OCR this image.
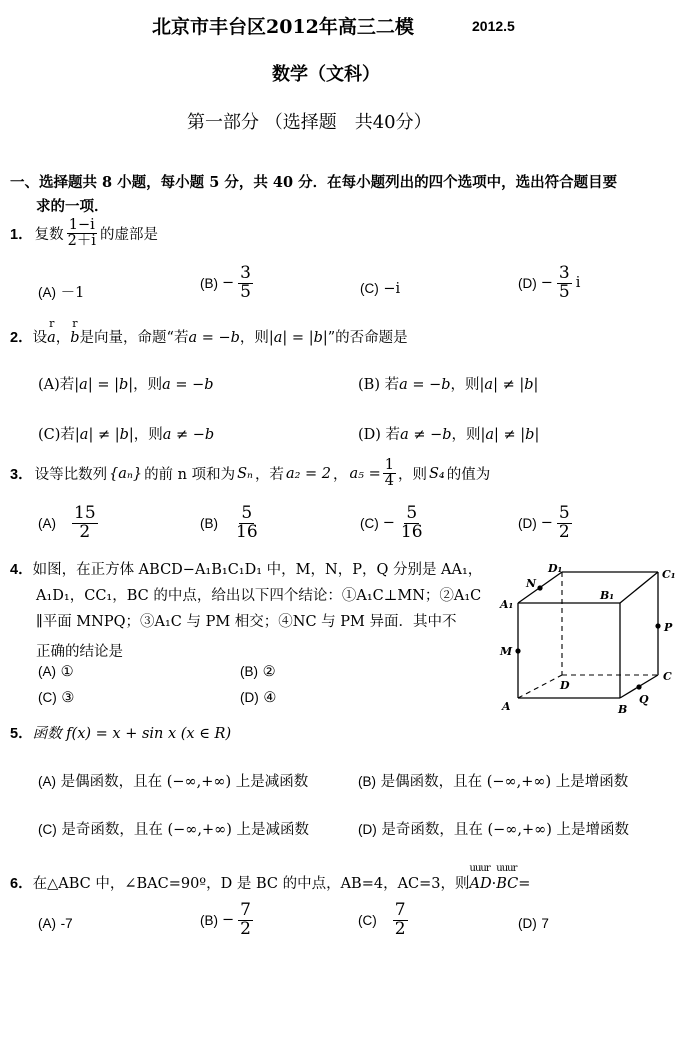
北京市丰台区2012年高三二模	2012.5
数学（文科）
第一部分 （选择题　共40分）
一、选择题共 8 小题，每小题 5 分，共 40 分．在每小题列出的四个选项中，选出符合题目要
求的一项．
1． 复数 $\frac{1-i}{2+i}$ 的虚部是
(A) －1
$(B) - \frac{3}{5}$	(C) −i	$(D) - \frac{3}{5}$ i
2．设r a，r b是向量，命题“若a = −b，则|a| = |b|”的否命题是
(A)若|a| = |b|，则a = −b	(B) 若a = −b，则|a| ≠ |b|
(C)若|a| ≠ |b|，则a ≠ −b	(D) 若a ≠ −b，则|a| ≠ |b|
3． 设等比数列 {aₙ} 的前 n 项和为 Sₙ ，若 a₂ = 2 ， $a_5 = \frac{1}{4}$ ，则 S₄ 的值为
$(A) \frac{15}{2}$	$(B) \frac{5}{16}$	$(C) - \frac{5}{16}$	$(D) - \frac{5}{2}$
4．如图，在正方体 ABCD−A₁B₁C₁D₁ 中，M，N，P，Q 分别是 AA₁，
A₁D₁，CC₁，BC 的中点，给出以下四个结论：①A₁C⊥MN；②A₁C
∥平面 MNPQ；③A₁C 与 PM 相交；④NC 与 PM 异面．其中不
正确的结论是
(A) ①	(B) ②
(C) ③	(D) ④
A	B
C
D
A₁
B₁
C₁
D₁
M
N
P
Q
5．函数 f(x) = x + sin x (x ∈ R)
(A) 是偶函数，且在 (−∞,+∞) 上是减函数	(B) 是偶函数，且在 (−∞,+∞) 上是增函数
(C) 是奇函数，且在 (−∞,+∞) 上是减函数	(D) 是奇函数，且在 (−∞,+∞) 上是增函数
6．在△ABC 中，∠BAC=90º，D 是 BC 的中点，AB=4，AC=3，则uuur AD·uuur BC=
(A) -7	$(B) - \frac{7}{2}$	$(C) \frac{7}{2}$	(D) 7
